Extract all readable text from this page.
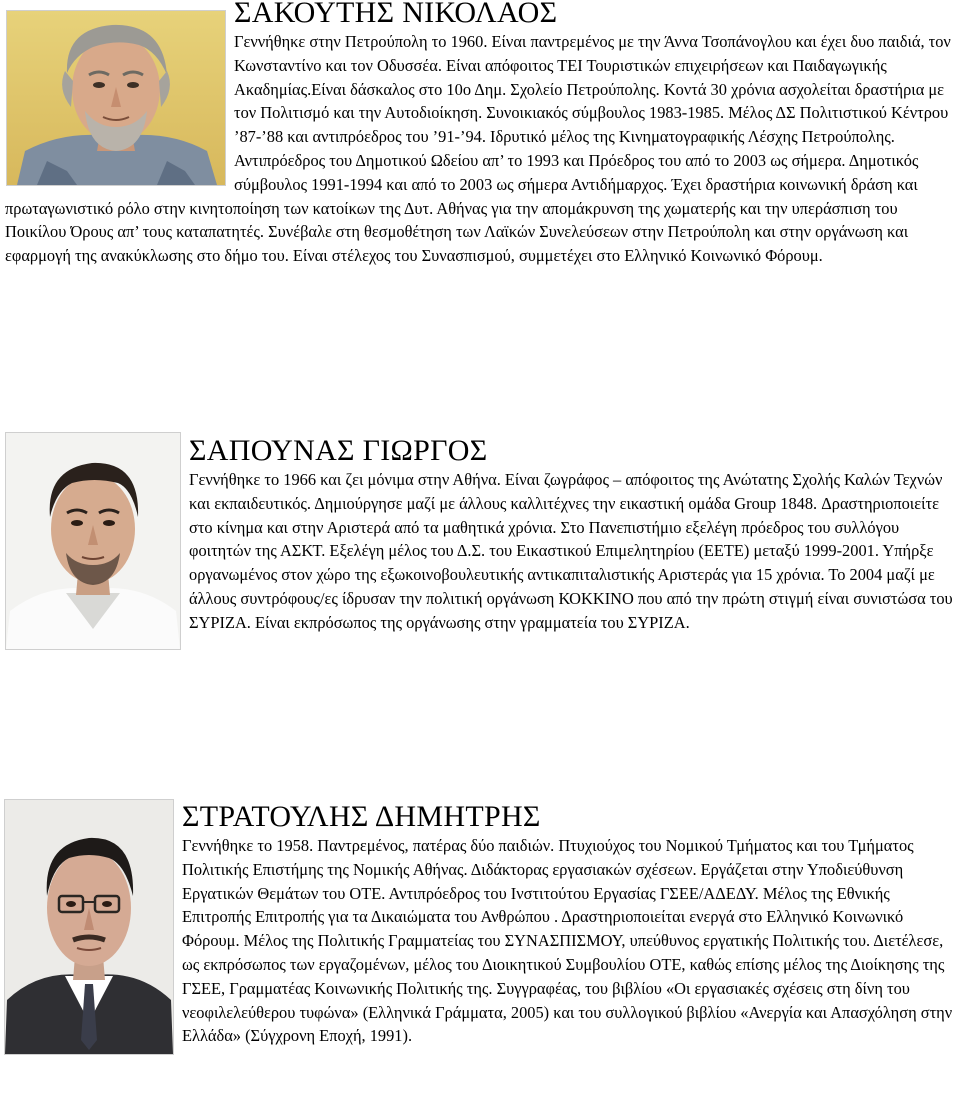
ΣΑΚΟΥΤΗΣ ΝΙΚΟΛΑΟΣ

Γεννήθηκε στην Πετρούπολη το 1960. Είναι παντρεμένος με την Άννα Τσοπάνογλου και έχει δυο παιδιά, τον Κωνσταντίνο και τον Οδυσσέα. Είναι απόφοιτος ΤΕΙ Τουριστικών επιχειρήσεων και Παιδαγωγικής Ακαδημίας.Είναι δάσκαλος στο 10ο Δημ. Σχολείο Πετρούπολης. Κοντά 30 χρόνια ασχολείται δραστήρια με τον Πολιτισμό και την Αυτοδιοίκηση. Συνοικιακός σύμβουλος 1983-1985. Μέλος ΔΣ Πολιτιστικού Κέντρου ’87-’88 και αντιπρόεδρος του ’91-’94. Ιδρυτικό μέλος της Κινηματογραφικής Λέσχης Πετρούπολης. Αντιπρόεδρος του Δημοτικού Ωδείου απ’ το 1993 και Πρόεδρος του από το 2003 ως σήμερα. Δημοτικός σύμβουλος 1991-1994 και από το 2003 ως σήμερα Αντιδήμαρχος. Έχει δραστήρια κοινωνική δράση και πρωταγωνιστικό ρόλο στην κινητοποίηση των κατοίκων της Δυτ. Αθήνας για την απομάκρυνση της χωματερής και την υπεράσπιση του Ποικίλου Όρους απ’ τους καταπατητές. Συνέβαλε στη θεσμοθέτηση των Λαϊκών Συνελεύσεων στην Πετρούπολη και στην οργάνωση και εφαρμογή της ανακύκλωσης στο δήμο του. Είναι στέλεχος του Συνασπισμού, συμμετέχει στο Ελληνικό Κοινωνικό Φόρουμ.

ΣΑΠΟΥΝΑΣ ΓΙΩΡΓΟΣ

Γεννήθηκε το 1966 και ζει μόνιμα στην Αθήνα. Είναι ζωγράφος – απόφοιτος της Ανώτατης Σχολής Καλών Τεχνών και εκπαιδευτικός. Δημιούργησε μαζί με άλλους καλλιτέχνες την εικαστική ομάδα Group 1848. Δραστηριοποιείτε στο κίνημα και στην Αριστερά από τα μαθητικά χρόνια. Στο Πανεπιστήμιο εξελέγη πρόεδρος του συλλόγου φοιτητών της ΑΣΚΤ. Εξελέγη μέλος του Δ.Σ. του Εικαστικού Επιμελητηρίου (ΕΕΤΕ) μεταξύ 1999-2001. Υπήρξε οργανωμένος στον χώρο της εξωκοινοβουλευτικής αντικαπιταλιστικής Αριστεράς για 15 χρόνια. Το 2004 μαζί με άλλους συντρόφους/ες ίδρυσαν την πολιτική οργάνωση ΚΟΚΚΙΝΟ που από την πρώτη στιγμή είναι συνιστώσα του ΣΥΡΙΖΑ. Είναι εκπρόσωπος της οργάνωσης στην γραμματεία του ΣΥΡΙΖΑ.

ΣΤΡΑΤΟΥΛΗΣ ΔΗΜΗΤΡΗΣ

Γεννήθηκε το 1958. Παντρεμένος, πατέρας δύο παιδιών. Πτυχιούχος του Νομικού Τμήματος και του Τμήματος Πολιτικής Επιστήμης της Νομικής Αθήνας. Διδάκτορας εργασιακών σχέσεων. Εργάζεται στην Υποδιεύθυνση Εργατικών Θεμάτων του ΟΤΕ. Αντιπρόεδρος του Ινστιτούτου Εργασίας ΓΣΕΕ/ΑΔΕΔΥ. Μέλος της Εθνικής Επιτροπής Επιτροπής για τα Δικαιώματα του Ανθρώπου . Δραστηριοποιείται ενεργά στο Ελληνικό Κοινωνικό Φόρουμ. Μέλος της Πολιτικής Γραμματείας του ΣΥΝΑΣΠΙΣΜΟΥ, υπεύθυνος εργατικής Πολιτικής του. Διετέλεσε, ως εκπρόσωπος των εργαζομένων, μέλος του Διοικητικού Συμβουλίου ΟΤΕ, καθώς επίσης μέλος της Διοίκησης της ΓΣΕΕ, Γραμματέας Κοινωνικής Πολιτικής της. Συγγραφέας, του βιβλίου «Οι εργασιακές σχέσεις στη δίνη του νεοφιλελεύθερου τυφώνα» (Ελληνικά Γράμματα, 2005) και του συλλογικού βιβλίου «Ανεργία και Απασχόληση στην Ελλάδα» (Σύγχρονη Εποχή, 1991).
